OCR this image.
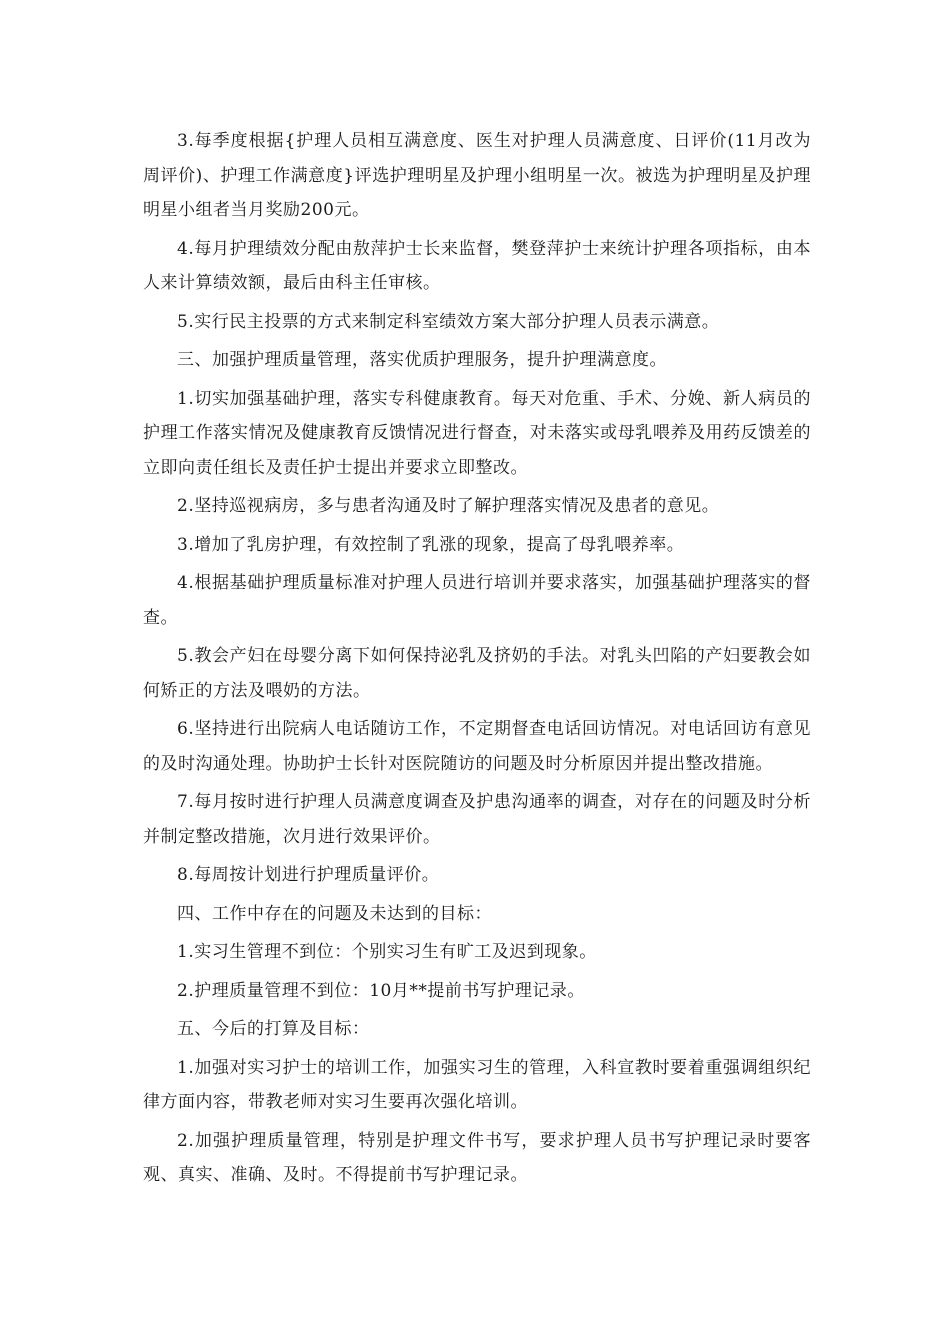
3.每季度根据{护理人员相互满意度、医生对护理人员满意度、日评价(11月改为周评价)、护理工作满意度}评选护理明星及护理小组明星一次。被选为护理明星及护理明星小组者当月奖励200元。

4.每月护理绩效分配由敖萍护士长来监督，樊登萍护士来统计护理各项指标，由本人来计算绩效额，最后由科主任审核。

5.实行民主投票的方式来制定科室绩效方案大部分护理人员表示满意。

三、加强护理质量管理，落实优质护理服务，提升护理满意度。

1.切实加强基础护理，落实专科健康教育。每天对危重、手术、分娩、新人病员的护理工作落实情况及健康教育反馈情况进行督查，对未落实或母乳喂养及用药反馈差的立即向责任组长及责任护士提出并要求立即整改。

2.坚持巡视病房，多与患者沟通及时了解护理落实情况及患者的意见。

3.增加了乳房护理，有效控制了乳涨的现象，提高了母乳喂养率。

4.根据基础护理质量标准对护理人员进行培训并要求落实，加强基础护理落实的督查。

5.教会产妇在母婴分离下如何保持泌乳及挤奶的手法。对乳头凹陷的产妇要教会如何矫正的方法及喂奶的方法。

6.坚持进行出院病人电话随访工作，不定期督查电话回访情况。对电话回访有意见的及时沟通处理。协助护士长针对医院随访的问题及时分析原因并提出整改措施。

7.每月按时进行护理人员满意度调查及护患沟通率的调查，对存在的问题及时分析并制定整改措施，次月进行效果评价。

8.每周按计划进行护理质量评价。

四、工作中存在的问题及未达到的目标：

1.实习生管理不到位：个别实习生有旷工及迟到现象。

2.护理质量管理不到位：10月**提前书写护理记录。

五、今后的打算及目标：

1.加强对实习护士的培训工作，加强实习生的管理，入科宣教时要着重强调组织纪律方面内容，带教老师对实习生要再次强化培训。

2.加强护理质量管理，特别是护理文件书写，要求护理人员书写护理记录时要客观、真实、准确、及时。不得提前书写护理记录。
